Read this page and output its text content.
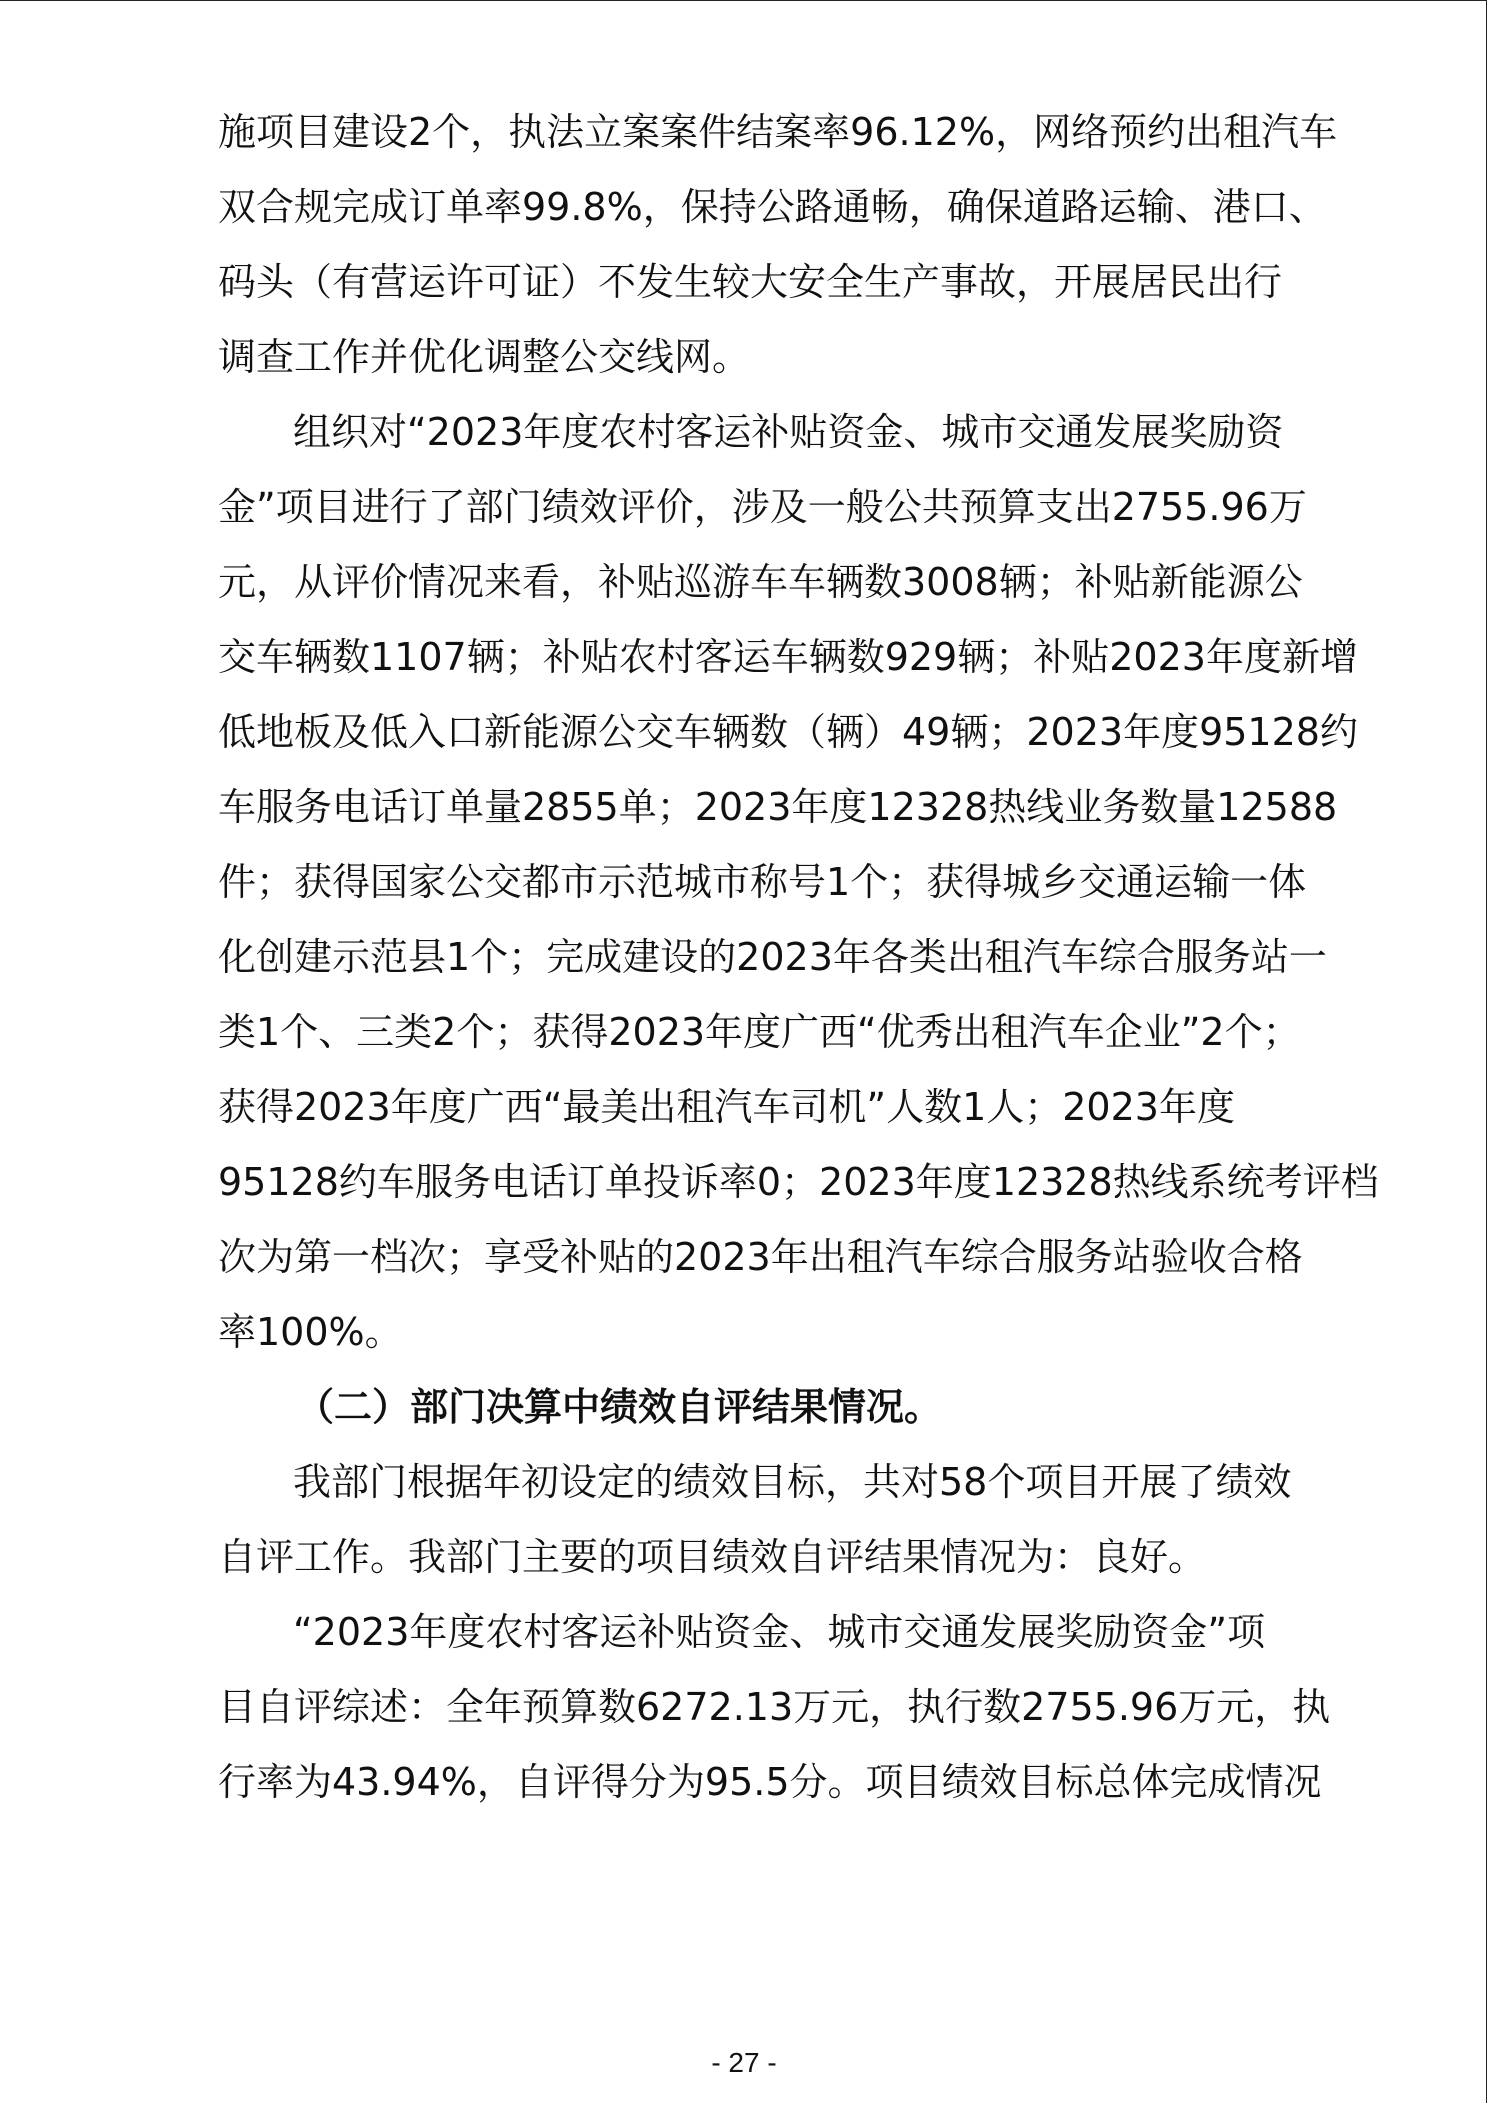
施项目建设2个，执法立案案件结案率96.12%，网络预约出租汽车
双合规完成订单率99.8%，保持公路通畅，确保道路运输、港口、
码头（有营运许可证）不发生较大安全生产事故，开展居民出行
调查工作并优化调整公交线网。
组织对“2023年度农村客运补贴资金、城市交通发展奖励资
金”项目进行了部门绩效评价，涉及一般公共预算支出2755.96万
元，从评价情况来看，补贴巡游车车辆数3008辆；补贴新能源公
交车辆数1107辆；补贴农村客运车辆数929辆；补贴2023年度新增
低地板及低入口新能源公交车辆数（辆）49辆；2023年度95128约
车服务电话订单量2855单；2023年度12328热线业务数量12588
件；获得国家公交都市示范城市称号1个；获得城乡交通运输一体
化创建示范县1个；完成建设的2023年各类出租汽车综合服务站一
类1个、三类2个；获得2023年度广西“优秀出租汽车企业”2个；
获得2023年度广西“最美出租汽车司机”人数1人；2023年度
95128约车服务电话订单投诉率0；2023年度12328热线系统考评档
次为第一档次；享受补贴的2023年出租汽车综合服务站验收合格
率100%。
（二）部门决算中绩效自评结果情况。
我部门根据年初设定的绩效目标，共对58个项目开展了绩效
自评工作。我部门主要的项目绩效自评结果情况为：良好。
“2023年度农村客运补贴资金、城市交通发展奖励资金”项
目自评综述：全年预算数6272.13万元，执行数2755.96万元，执
行率为43.94%，自评得分为95.5分。项目绩效目标总体完成情况
- 27 -
